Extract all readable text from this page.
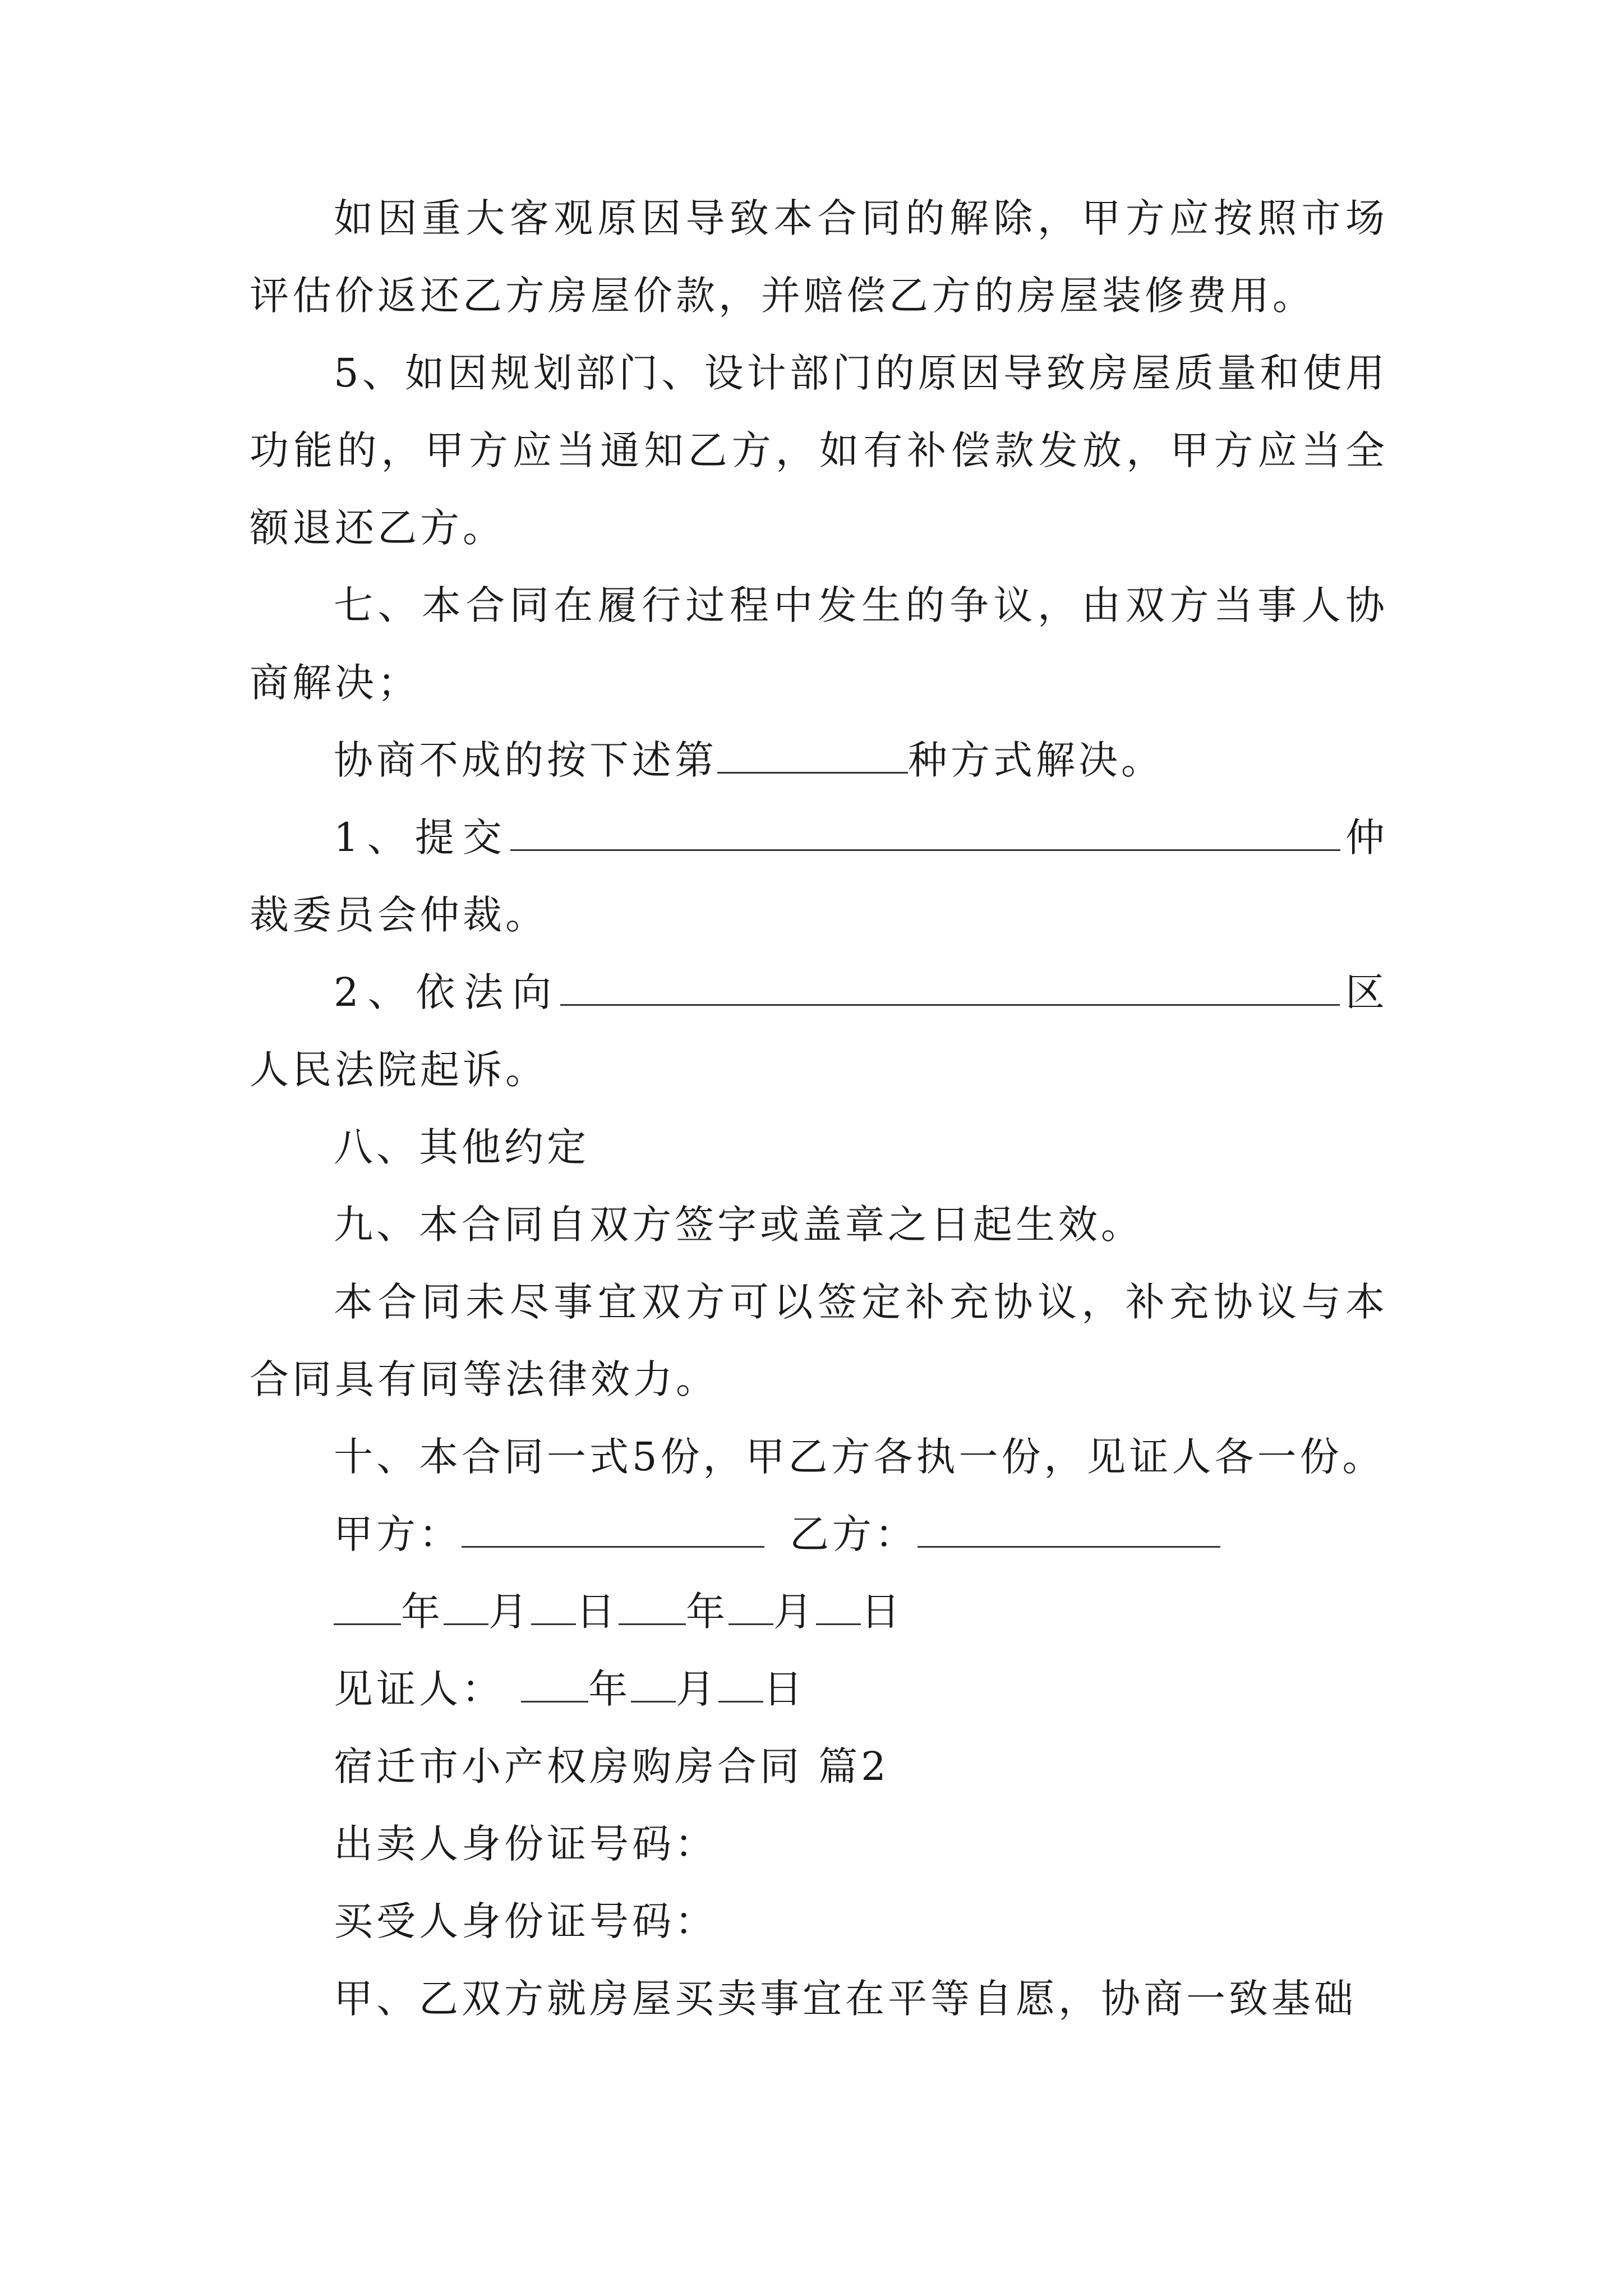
如因重大客观原因导致本合同的解除，甲方应按照市场评估价返还乙方房屋价款，并赔偿乙方的房屋装修费用。

5、如因规划部门、设计部门的原因导致房屋质量和使用功能的，甲方应当通知乙方，如有补偿款发放，甲方应当全额退还乙方。

七、本合同在履行过程中发生的争议，由双方当事人协商解决；

协商不成的按下述第	种方式解决。

1、提交	仲裁委员会仲裁。

2、依法向	区人民法院起诉。

八、其他约定

九、本合同自双方签字或盖章之日起生效。

本合同未尽事宜双方可以签定补充协议，补充协议与本合同具有同等法律效力。

十、本合同一式5份，甲乙方各执一份，见证人各一份。

甲方：	乙方：

年 月 日 年 月 日

见证人： 年 月 日

宿迁市小产权房购房合同 篇2

出卖人身份证号码：

买受人身份证号码：

甲、乙双方就房屋买卖事宜在平等自愿，协商一致基础
